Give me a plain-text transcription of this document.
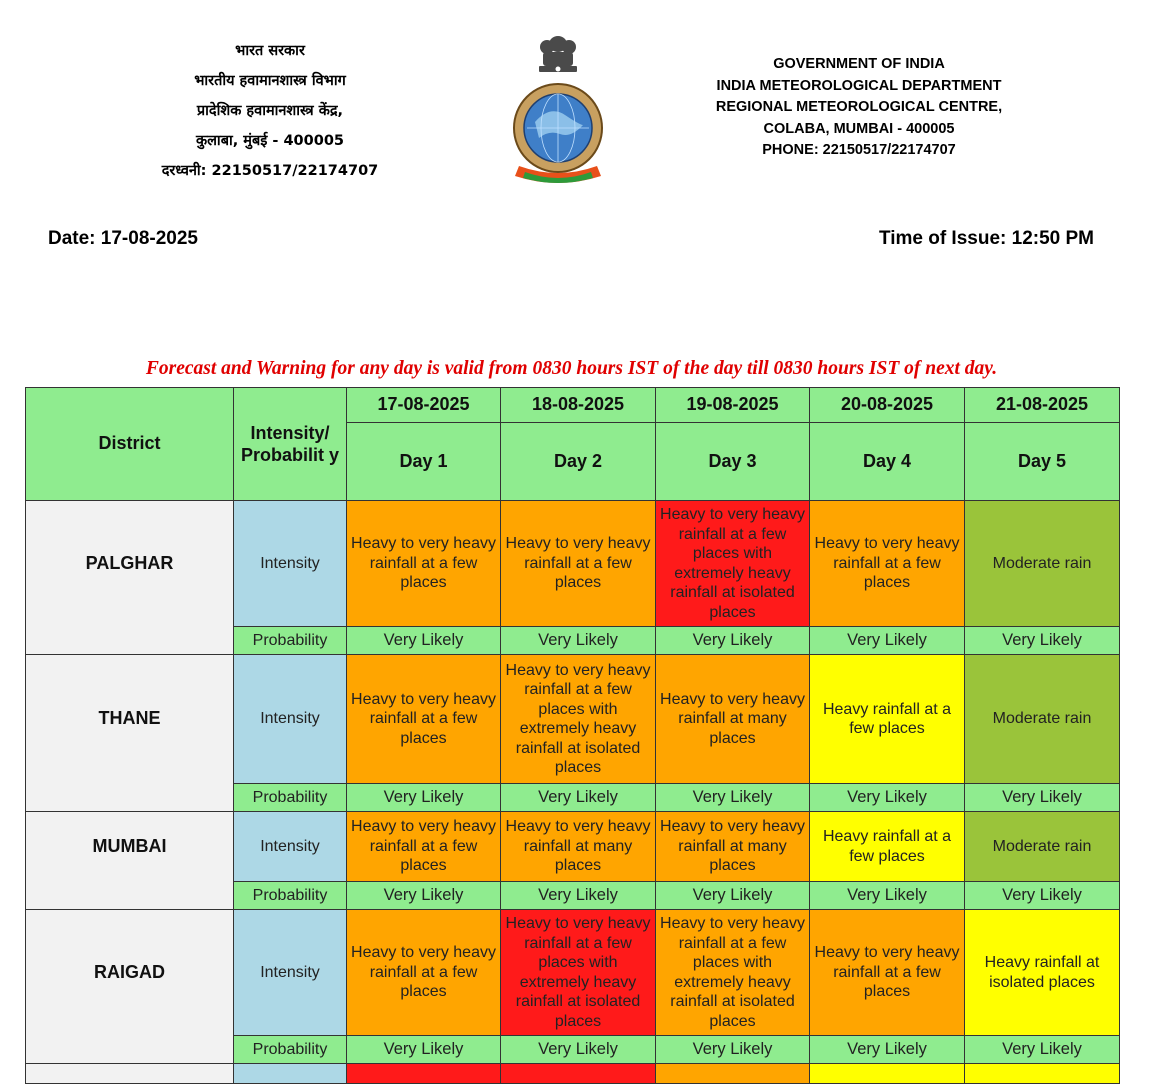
भारत सरकार
भारतीय हवामानशास्त्र विभाग
प्रादेशिक हवामानशास्त्र केंद्र,
कुलाबा, मुंबई - 400005
दरध्वनी: 22150517/22174707
GOVERNMENT OF INDIA
INDIA METEOROLOGICAL DEPARTMENT
REGIONAL METEOROLOGICAL CENTRE,
COLABA, MUMBAI - 400005
PHONE: 22150517/22174707
Date: 17-08-2025	Time of Issue: 12:50 PM
Forecast and Warning for any day is valid from 0830 hours IST of the day till 0830 hours IST of next day.
District	Intensity/ Probabilit y	17-08-2025	18-08-2025	19-08-2025	20-08-2025	21-08-2025
		Day 1	Day 2	Day 3	Day 4	Day 5
PALGHAR	Intensity	Heavy to very heavy rainfall at a few places	Heavy to very heavy rainfall at a few places	Heavy to very heavy rainfall at a few places with extremely heavy rainfall at isolated places	Heavy to very heavy rainfall at a few places	Moderate rain
	Probability	Very Likely	Very Likely	Very Likely	Very Likely	Very Likely
THANE	Intensity	Heavy to very heavy rainfall at a few places	Heavy to very heavy rainfall at a few places with extremely heavy rainfall at isolated places	Heavy to very heavy rainfall at many places	Heavy rainfall at a few places	Moderate rain
	Probability	Very Likely	Very Likely	Very Likely	Very Likely	Very Likely
MUMBAI	Intensity	Heavy to very heavy rainfall at a few places	Heavy to very heavy rainfall at many places	Heavy to very heavy rainfall at many places	Heavy rainfall at a few places	Moderate rain
	Probability	Very Likely	Very Likely	Very Likely	Very Likely	Very Likely
RAIGAD	Intensity	Heavy to very heavy rainfall at a few places	Heavy to very heavy rainfall at a few places with extremely heavy rainfall at isolated places	Heavy to very heavy rainfall at a few places with extremely heavy rainfall at isolated places	Heavy to very heavy rainfall at a few places	Heavy rainfall at isolated places
	Probability	Very Likely	Very Likely	Very Likely	Very Likely	Very Likely
